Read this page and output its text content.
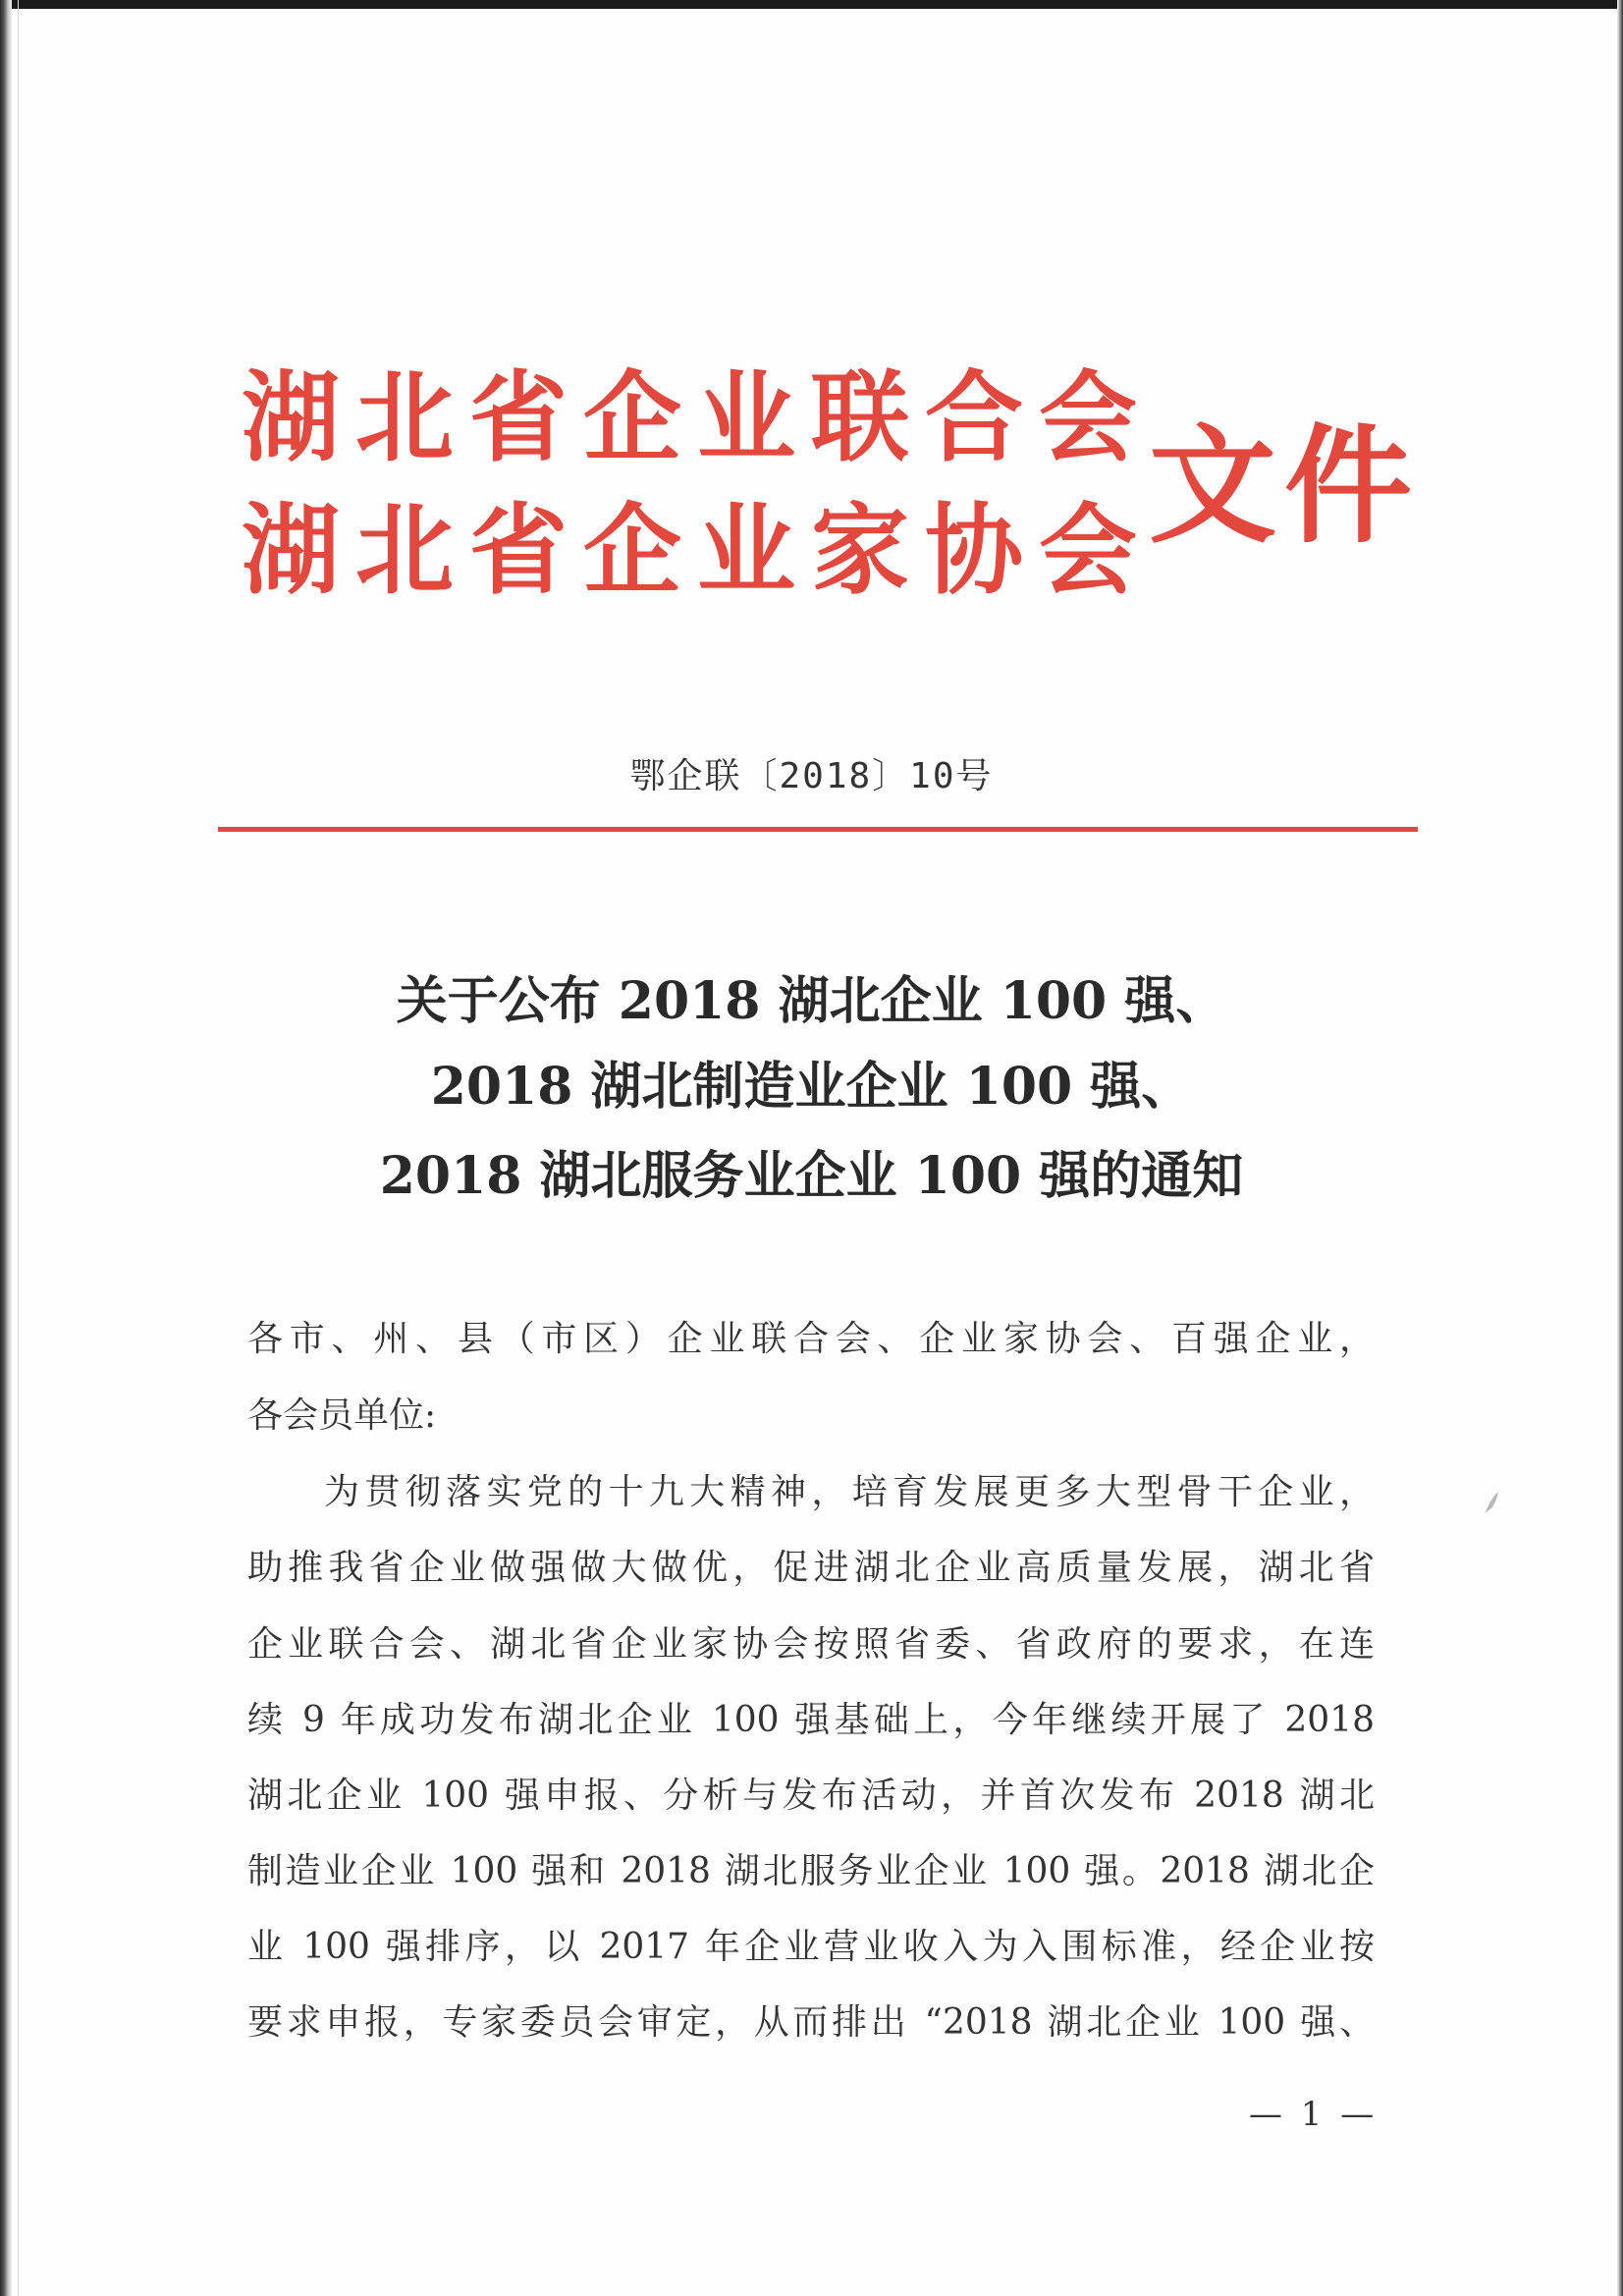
湖北省企业联合会
湖北省企业家协会
文件
鄂企联〔2018〕10号
关于公布 2018 湖北企业 100 强、
2018 湖北制造业企业 100 强、
2018 湖北服务业企业 100 强的通知
各市、州、县（市区）企业联合会、企业家协会、百强企业，
各会员单位:
为贯彻落实党的十九大精神，培育发展更多大型骨干企业，
助推我省企业做强做大做优，促进湖北企业高质量发展，湖北省
企业联合会、湖北省企业家协会按照省委、省政府的要求，在连
续 9 年成功发布湖北企业 100 强基础上，今年继续开展了 2018
湖北企业 100 强申报、分析与发布活动，并首次发布 2018 湖北
制造业企业 100 强和 2018 湖北服务业企业 100 强。2018 湖北企
业 100 强排序，以 2017 年企业营业收入为入围标准，经企业按
要求申报，专家委员会审定，从而排出 “2018 湖北企业 100 强、
— 1 —
